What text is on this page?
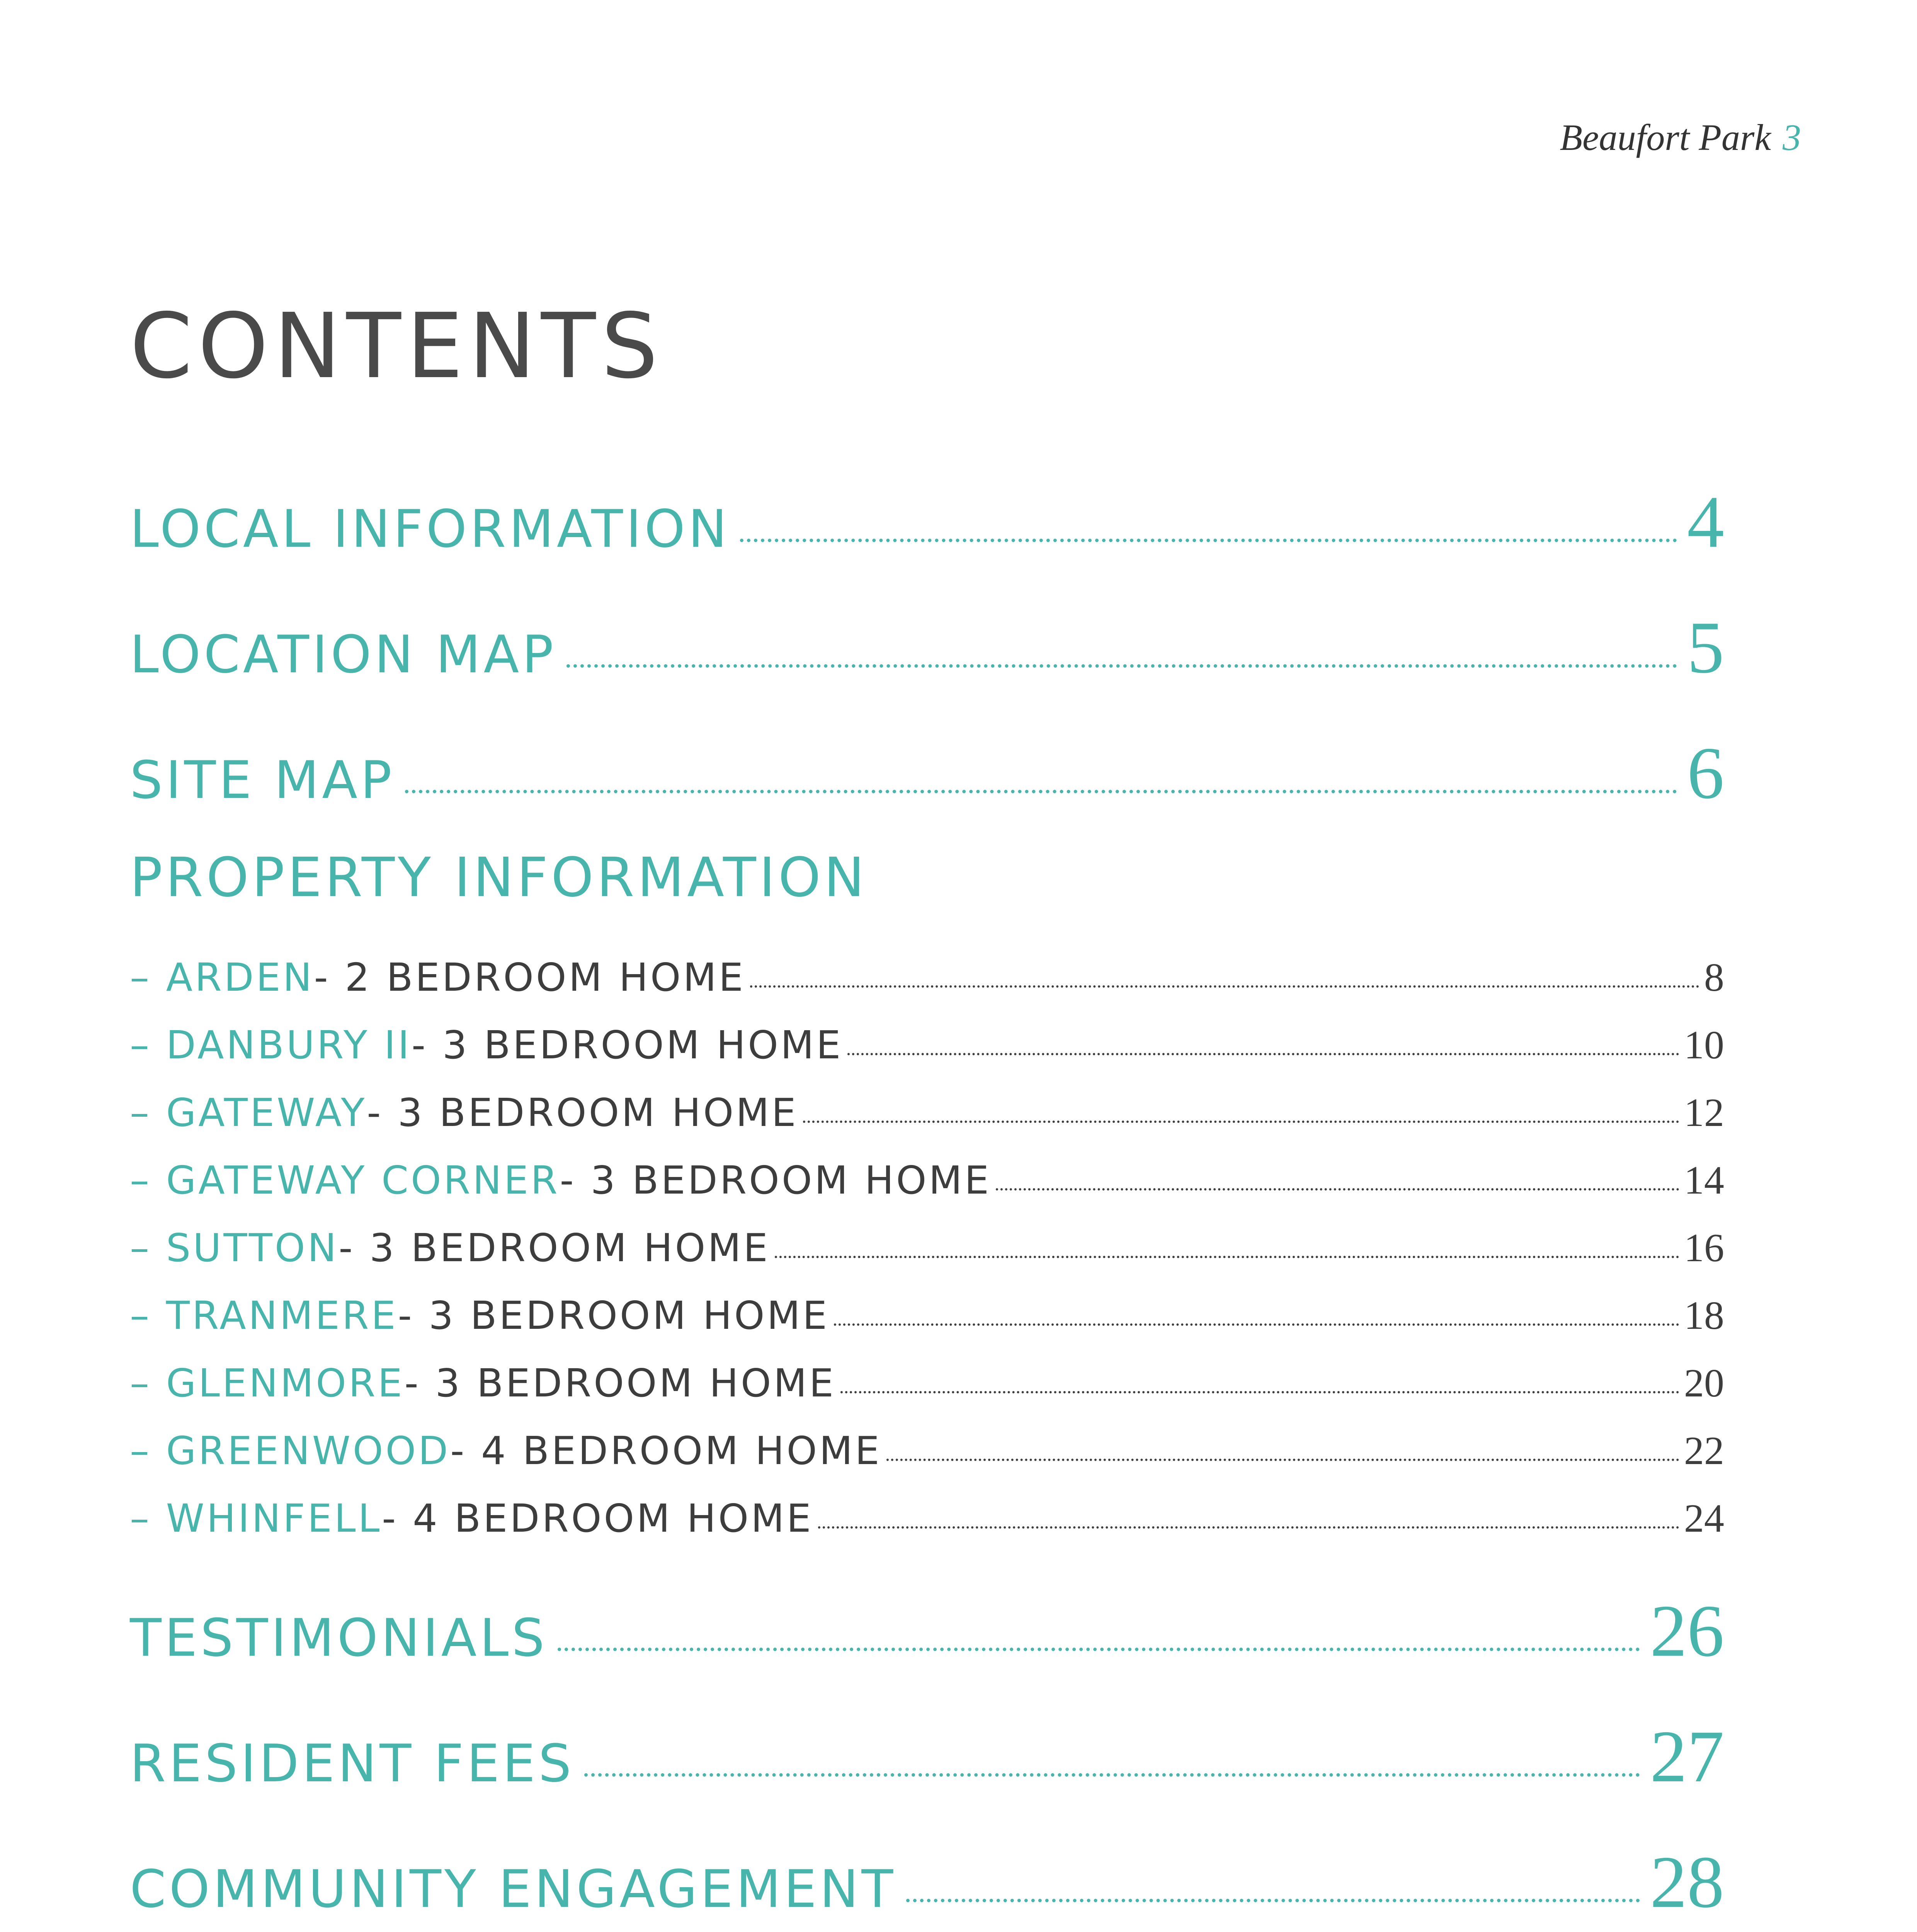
Beaufort Park 3
CONTENTS
LOCAL INFORMATION	4
LOCATION MAP	5
SITE MAP	6
PROPERTY INFORMATION
– ARDEN - 2 BEDROOM HOME	8
– DANBURY II - 3 BEDROOM HOME	10
– GATEWAY - 3 BEDROOM HOME	12
– GATEWAY CORNER - 3 BEDROOM HOME	14
– SUTTON - 3 BEDROOM HOME	16
– TRANMERE - 3 BEDROOM HOME	18
– GLENMORE - 3 BEDROOM HOME	20
– GREENWOOD - 4 BEDROOM HOME	22
– WHINFELL - 4 BEDROOM HOME	24
TESTIMONIALS	26
RESIDENT FEES	27
COMMUNITY ENGAGEMENT	28
